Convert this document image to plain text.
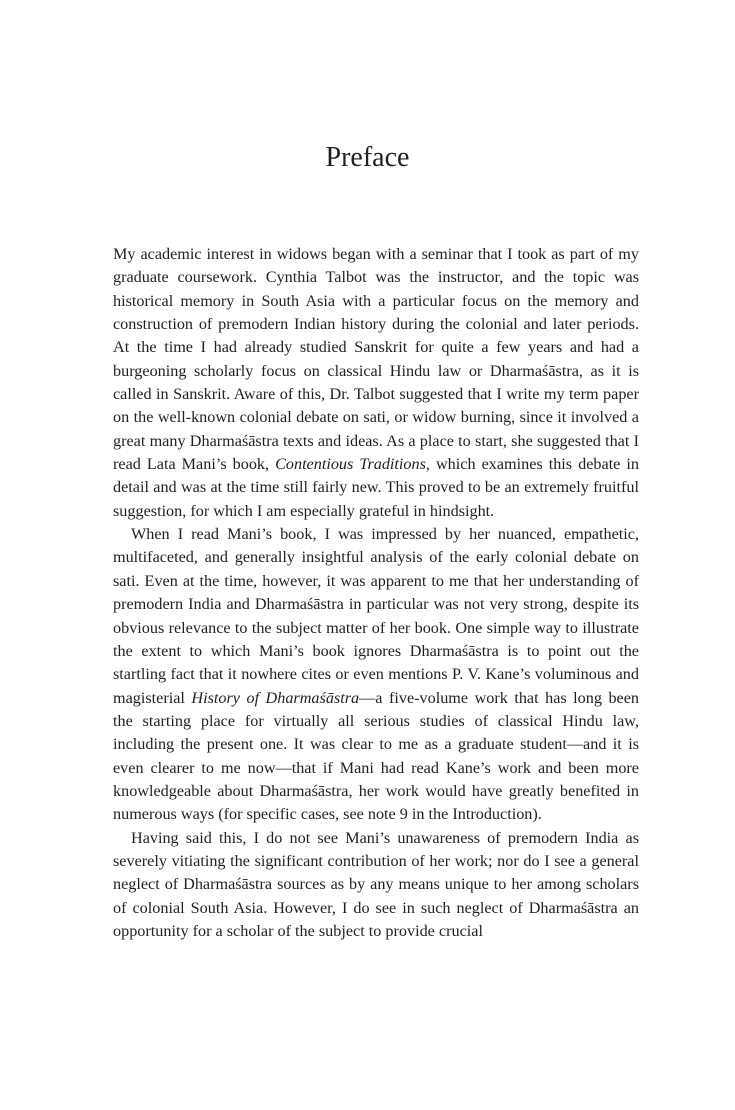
Preface

My academic interest in widows began with a seminar that I took as part of my graduate coursework. Cynthia Talbot was the instructor, and the topic was historical memory in South Asia with a particular focus on the memory and construction of premodern Indian history during the colonial and later periods. At the time I had already studied Sanskrit for quite a few years and had a burgeoning scholarly focus on classical Hindu law or Dharmaśāstra, as it is called in Sanskrit. Aware of this, Dr. Talbot suggested that I write my term paper on the well-known colonial debate on sati, or widow burning, since it involved a great many Dharmaśāstra texts and ideas. As a place to start, she suggested that I read Lata Mani’s book, Contentious Traditions, which examines this debate in detail and was at the time still fairly new. This proved to be an extremely fruitful suggestion, for which I am especially grateful in hindsight.

When I read Mani’s book, I was impressed by her nuanced, empathetic, multifaceted, and generally insightful analysis of the early colonial debate on sati. Even at the time, however, it was apparent to me that her understanding of premodern India and Dharmaśāstra in particular was not very strong, despite its obvious relevance to the subject matter of her book. One simple way to illustrate the extent to which Mani’s book ignores Dharmaśāstra is to point out the startling fact that it nowhere cites or even mentions P. V. Kane’s voluminous and magisterial History of Dharmaśāstra—a five-volume work that has long been the starting place for virtually all serious studies of classical Hindu law, including the present one. It was clear to me as a graduate student—and it is even clearer to me now—that if Mani had read Kane’s work and been more knowledgeable about Dharmaśāstra, her work would have greatly benefited in numerous ways (for specific cases, see note 9 in the Introduction).

Having said this, I do not see Mani’s unawareness of premodern India as severely vitiating the significant contribution of her work; nor do I see a general neglect of Dharmaśāstra sources as by any means unique to her among scholars of colonial South Asia. However, I do see in such neglect of Dharmaśāstra an opportunity for a scholar of the subject to provide crucial
